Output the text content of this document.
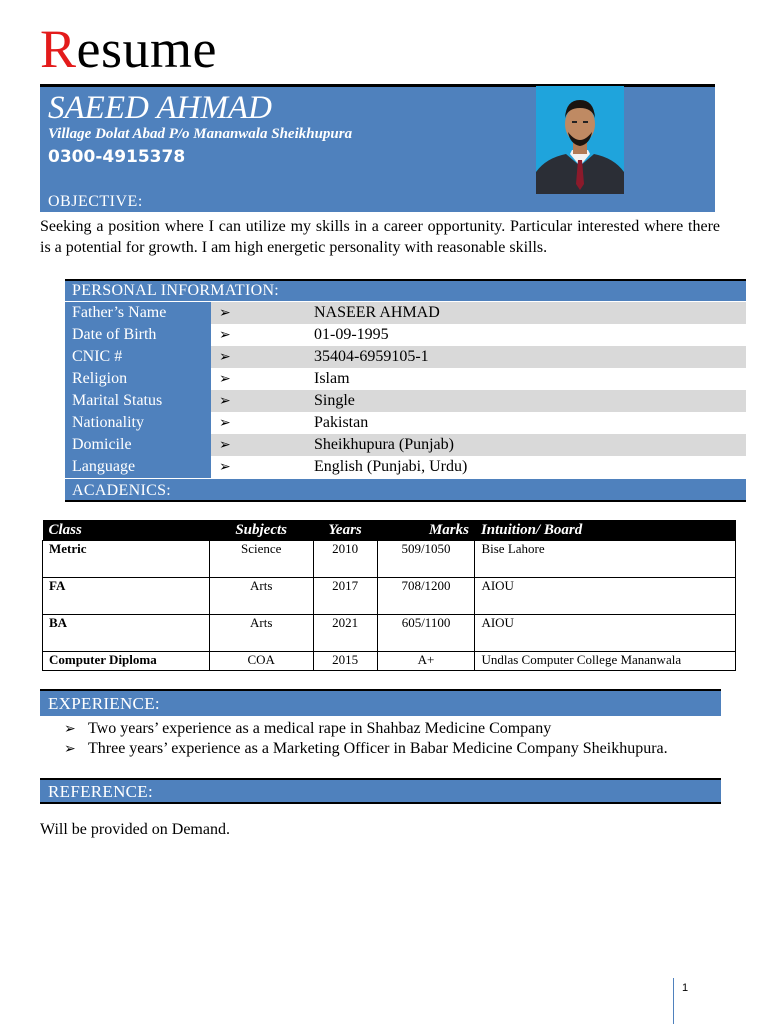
Resume
SAEED AHMAD
Village Dolat Abad P/o Mananwala Sheikhupura
0300-4915378
OBJECTIVE:
Seeking a position where I can utilize my skills in a career opportunity. Particular interested where there is a potential for growth. I am high energetic personality with reasonable skills.
PERSONAL INFORMATION:
Father’s Name	➢	NASEER AHMAD
Date of Birth	➢	01-09-1995
CNIC #	➢	35404-6959105-1
Religion	➢	Islam
Marital Status	➢	Single
Nationality	➢	Pakistan
Domicile	➢	Sheikhupura (Punjab)
Language	➢	English (Punjabi, Urdu)
ACADENICS:
Class	Subjects	Years	Marks	Intuition/ Board
Metric	Science	2010	509/1050	Bise Lahore
FA	Arts	2017	708/1200	AIOU
BA	Arts	2021	605/1100	AIOU
Computer Diploma	COA	2015	A+	Undlas Computer College Mananwala
EXPERIENCE:
➢ Two years’ experience as a medical rape in Shahbaz Medicine Company
➢ Three years’ experience as a Marketing Officer in Babar Medicine Company Sheikhupura.
REFERENCE:
Will be provided on Demand.
1
